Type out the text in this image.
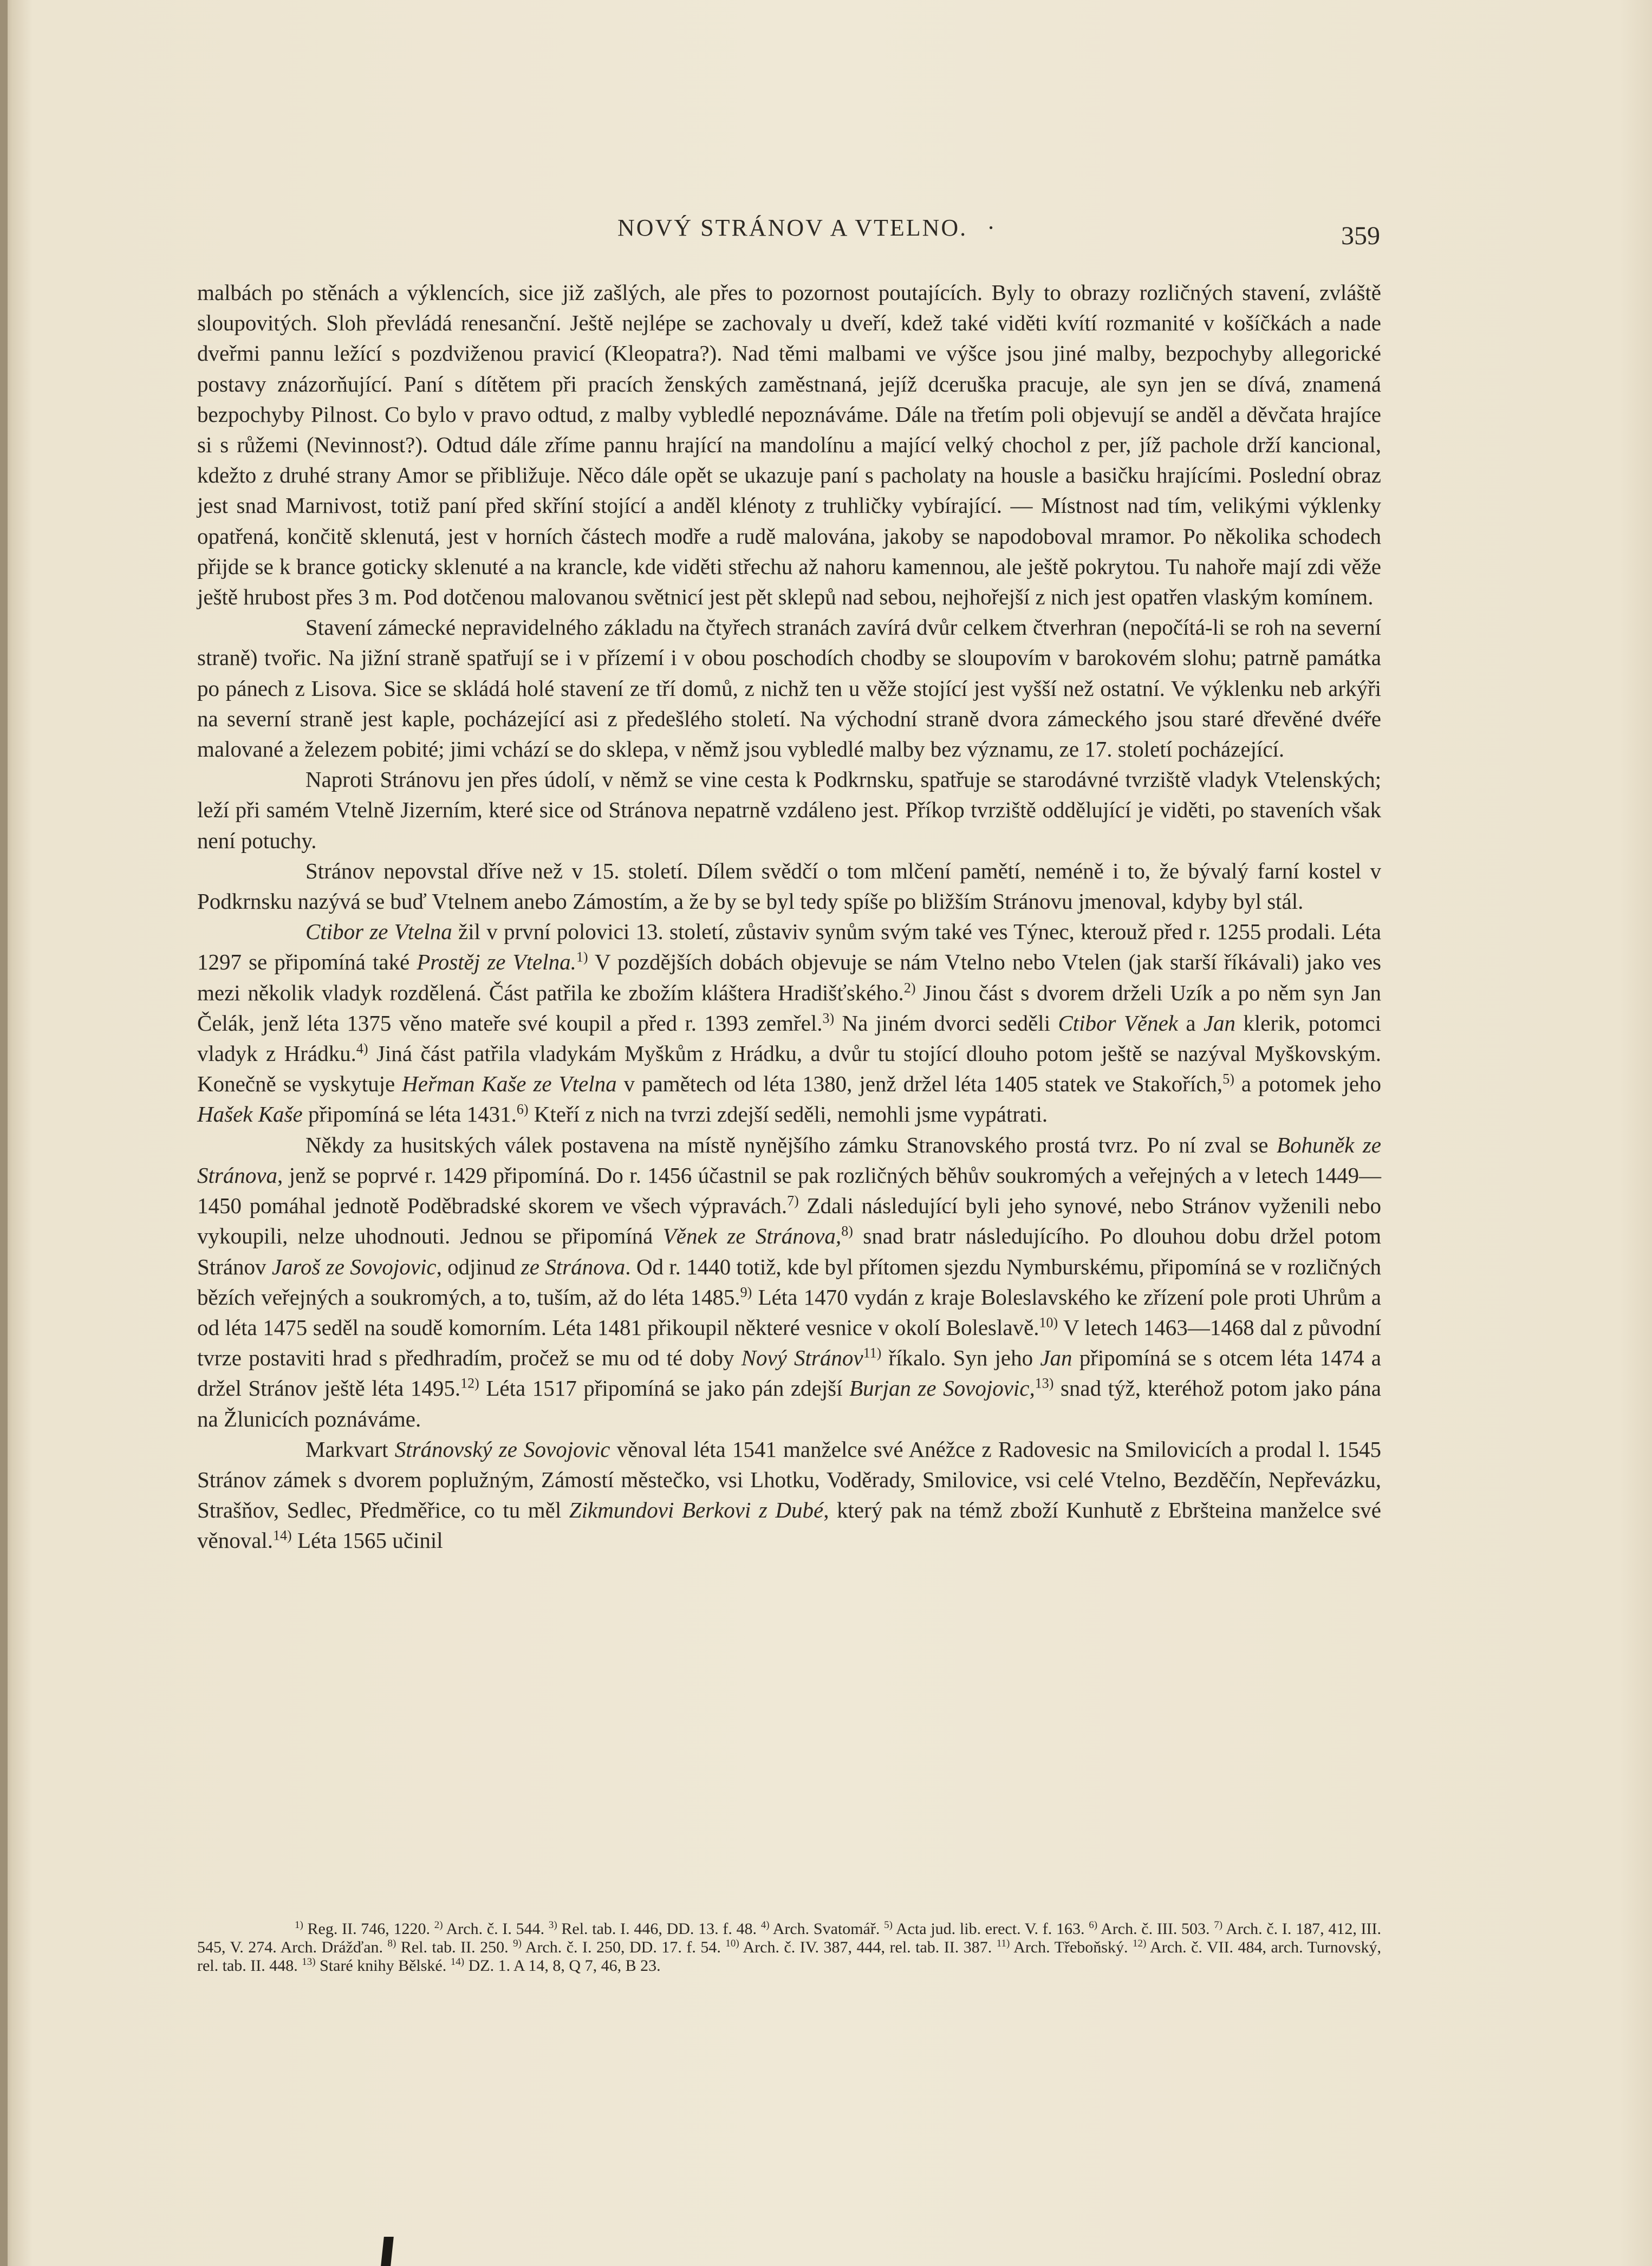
NOVÝ STRÁNOV A VTELNO. ·	359

malbách po stěnách a výklencích, sice již zašlých, ale přes to pozornost poutajících. Byly to obrazy rozličných stavení, zvláště sloupovitých. Sloh převládá renesanční. Ještě nejlépe se zachovaly u dveří, kdež také viděti kvítí rozmanité v košíčkách a nade dveřmi pannu ležící s pozdviženou pravicí (Kleopatra?). Nad těmi malbami ve výšce jsou jiné malby, bezpochyby allegorické postavy znázorňující. Paní s dítětem při pracích ženských zaměstnaná, jejíž dceruška pracuje, ale syn jen se dívá, znamená bezpochyby Pilnost. Co bylo v pravo odtud, z malby vybledlé nepoznáváme. Dále na třetím poli objevují se anděl a děvčata hrajíce si s růžemi (Nevinnost?). Odtud dále zříme pannu hrající na mandolínu a mající velký chochol z per, jíž pachole drží kancional, kdežto z druhé strany Amor se přibližuje. Něco dále opět se ukazuje paní s pacholaty na housle a basičku hrajícími. Poslední obraz jest snad Marnivost, totiž paní před skříní stojící a anděl klénoty z truhličky vybírající. — Místnost nad tím, velikými výklenky opatřená, končitě sklenutá, jest v horních částech modře a rudě malována, jakoby se napodoboval mramor. Po několika schodech přijde se k brance goticky sklenuté a na krancle, kde viděti střechu až nahoru kamennou, ale ještě pokrytou. Tu nahoře mají zdi věže ještě hrubost přes 3 m. Pod dotčenou malovanou světnicí jest pět sklepů nad sebou, nejhořejší z nich jest opatřen vlaským komínem.

Stavení zámecké nepravidelného základu na čtyřech stranách zavírá dvůr celkem čtverhran (nepočítá-li se roh na severní straně) tvořic. Na jižní straně spatřují se i v přízemí i v obou poschodích chodby se sloupovím v barokovém slohu; patrně památka po pánech z Lisova. Sice se skládá holé stavení ze tří domů, z nichž ten u věže stojící jest vyšší než ostatní. Ve výklenku neb arkýři na severní straně jest kaple, pocházející asi z předešlého století. Na východní straně dvora zámeckého jsou staré dřevěné dvéře malované a železem pobité; jimi vchází se do sklepa, v němž jsou vybledlé malby bez významu, ze 17. století pocházející.

Naproti Stránovu jen přes údolí, v němž se vine cesta k Podkrnsku, spatřuje se starodávné tvrziště vladyk Vtelenských; leží při samém Vtelně Jizerním, které sice od Stránova nepatrně vzdáleno jest. Příkop tvrziště oddělující je viděti, po staveních však není potuchy.

Stránov nepovstal dříve než v 15. století. Dílem svědčí o tom mlčení pamětí, neméně i to, že bývalý farní kostel v Podkrnsku nazývá se buď Vtelnem anebo Zámostím, a že by se byl tedy spíše po bližším Stránovu jmenoval, kdyby byl stál.

Ctibor ze Vtelna žil v první polovici 13. století, zůstaviv synům svým také ves Týnec, kterouž před r. 1255 prodali. Léta 1297 se připomíná také Prostěj ze Vtelna.$^{1)}$ V pozdějších dobách objevuje se nám Vtelno nebo Vtelen (jak starší říkávali) jako ves mezi několik vladyk rozdělená. Část patřila ke zbožím kláštera Hradišťského.$^{2)}$ Jinou část s dvorem drželi Uzík a po něm syn Jan Čelák, jenž léta 1375 věno mateře své koupil a před r. 1393 zemřel.$^{3)}$ Na jiném dvorci seděli Ctibor Věnek a Jan klerik, potomci vladyk z Hrádku.$^{4)}$ Jiná část patřila vladykám Myškům z Hrádku, a dvůr tu stojící dlouho potom ještě se nazýval Myškovským. Konečně se vyskytuje Heřman Kaše ze Vtelna v pamětech od léta 1380, jenž držel léta 1405 statek ve Stakořích,$^{5)}$ a potomek jeho Hašek Kaše připomíná se léta 1431.$^{6)}$ Kteří z nich na tvrzi zdejší seděli, nemohli jsme vypátrati.

Někdy za husitských válek postavena na místě nynějšího zámku Stranovského prostá tvrz. Po ní zval se Bohuněk ze Stránova, jenž se poprvé r. 1429 připomíná. Do r. 1456 účastnil se pak rozličných běhův soukromých a veřejných a v letech 1449—1450 pomáhal jednotě Poděbradské skorem ve všech výpravách.$^{7)}$ Zdali následující byli jeho synové, nebo Stránov vyženili nebo vykoupili, nelze uhodnouti. Jednou se připomíná Věnek ze Stránova,$^{8)}$ snad bratr následujícího. Po dlouhou dobu držel potom Stránov Jaroš ze Sovojovic, odjinud ze Stránova. Od r. 1440 totiž, kde byl přítomen sjezdu Nymburskému, připomíná se v rozličných bězích veřejných a soukromých, a to, tuším, až do léta 1485.$^{9)}$ Léta 1470 vydán z kraje Boleslavského ke zřízení pole proti Uhrům a od léta 1475 seděl na soudě komorním. Léta 1481 přikoupil některé vesnice v okolí Boleslavě.$^{10)}$ V letech 1463—1468 dal z původní tvrze postaviti hrad s předhradím, pročež se mu od té doby Nový Stránov$^{11)}$ říkalo. Syn jeho Jan připomíná se s otcem léta 1474 a držel Stránov ještě léta 1495.$^{12)}$ Léta 1517 připomíná se jako pán zdejší Burjan ze Sovojovic,$^{13)}$ snad týž, kteréhož potom jako pána na Žlunicích poznáváme.

Markvart Stránovský ze Sovojovic věnoval léta 1541 manželce své Anéžce z Radovesic na Smilovicích a prodal l. 1545 Stránov zámek s dvorem poplužným, Zámostí městečko, vsi Lhotku, Voděrady, Smilovice, vsi celé Vtelno, Bezděčín, Nepřevázku, Strašňov, Sedlec, Předměřice, co tu měl Zikmundovi Berkovi z Dubé, který pak na témž zboží Kunhutě z Ebršteina manželce své věnoval.$^{14)}$ Léta 1565 učinil

$^{1)}$ Reg. II. 746, 1220. $^{2)}$ Arch. č. I. 544. $^{3)}$ Rel. tab. I. 446, DD. 13. f. 48. $^{4)}$ Arch. Svatomář. $^{5)}$ Acta jud. lib. erect. V. f. 163. $^{6)}$ Arch. č. III. 503. $^{7)}$ Arch. č. I. 187, 412, III. 545, V. 274. Arch. Drážďan. $^{8)}$ Rel. tab. II. 250. $^{9)}$ Arch. č. I. 250, DD. 17. f. 54. $^{10)}$ Arch. č. IV. 387, 444, rel. tab. II. 387. $^{11)}$ Arch. Třeboňský. $^{12)}$ Arch. č. VII. 484, arch. Turnovský, rel. tab. II. 448. $^{13)}$ Staré knihy Bělské. $^{14)}$ DZ. 1. A 14, 8, Q 7, 46, B 23.
